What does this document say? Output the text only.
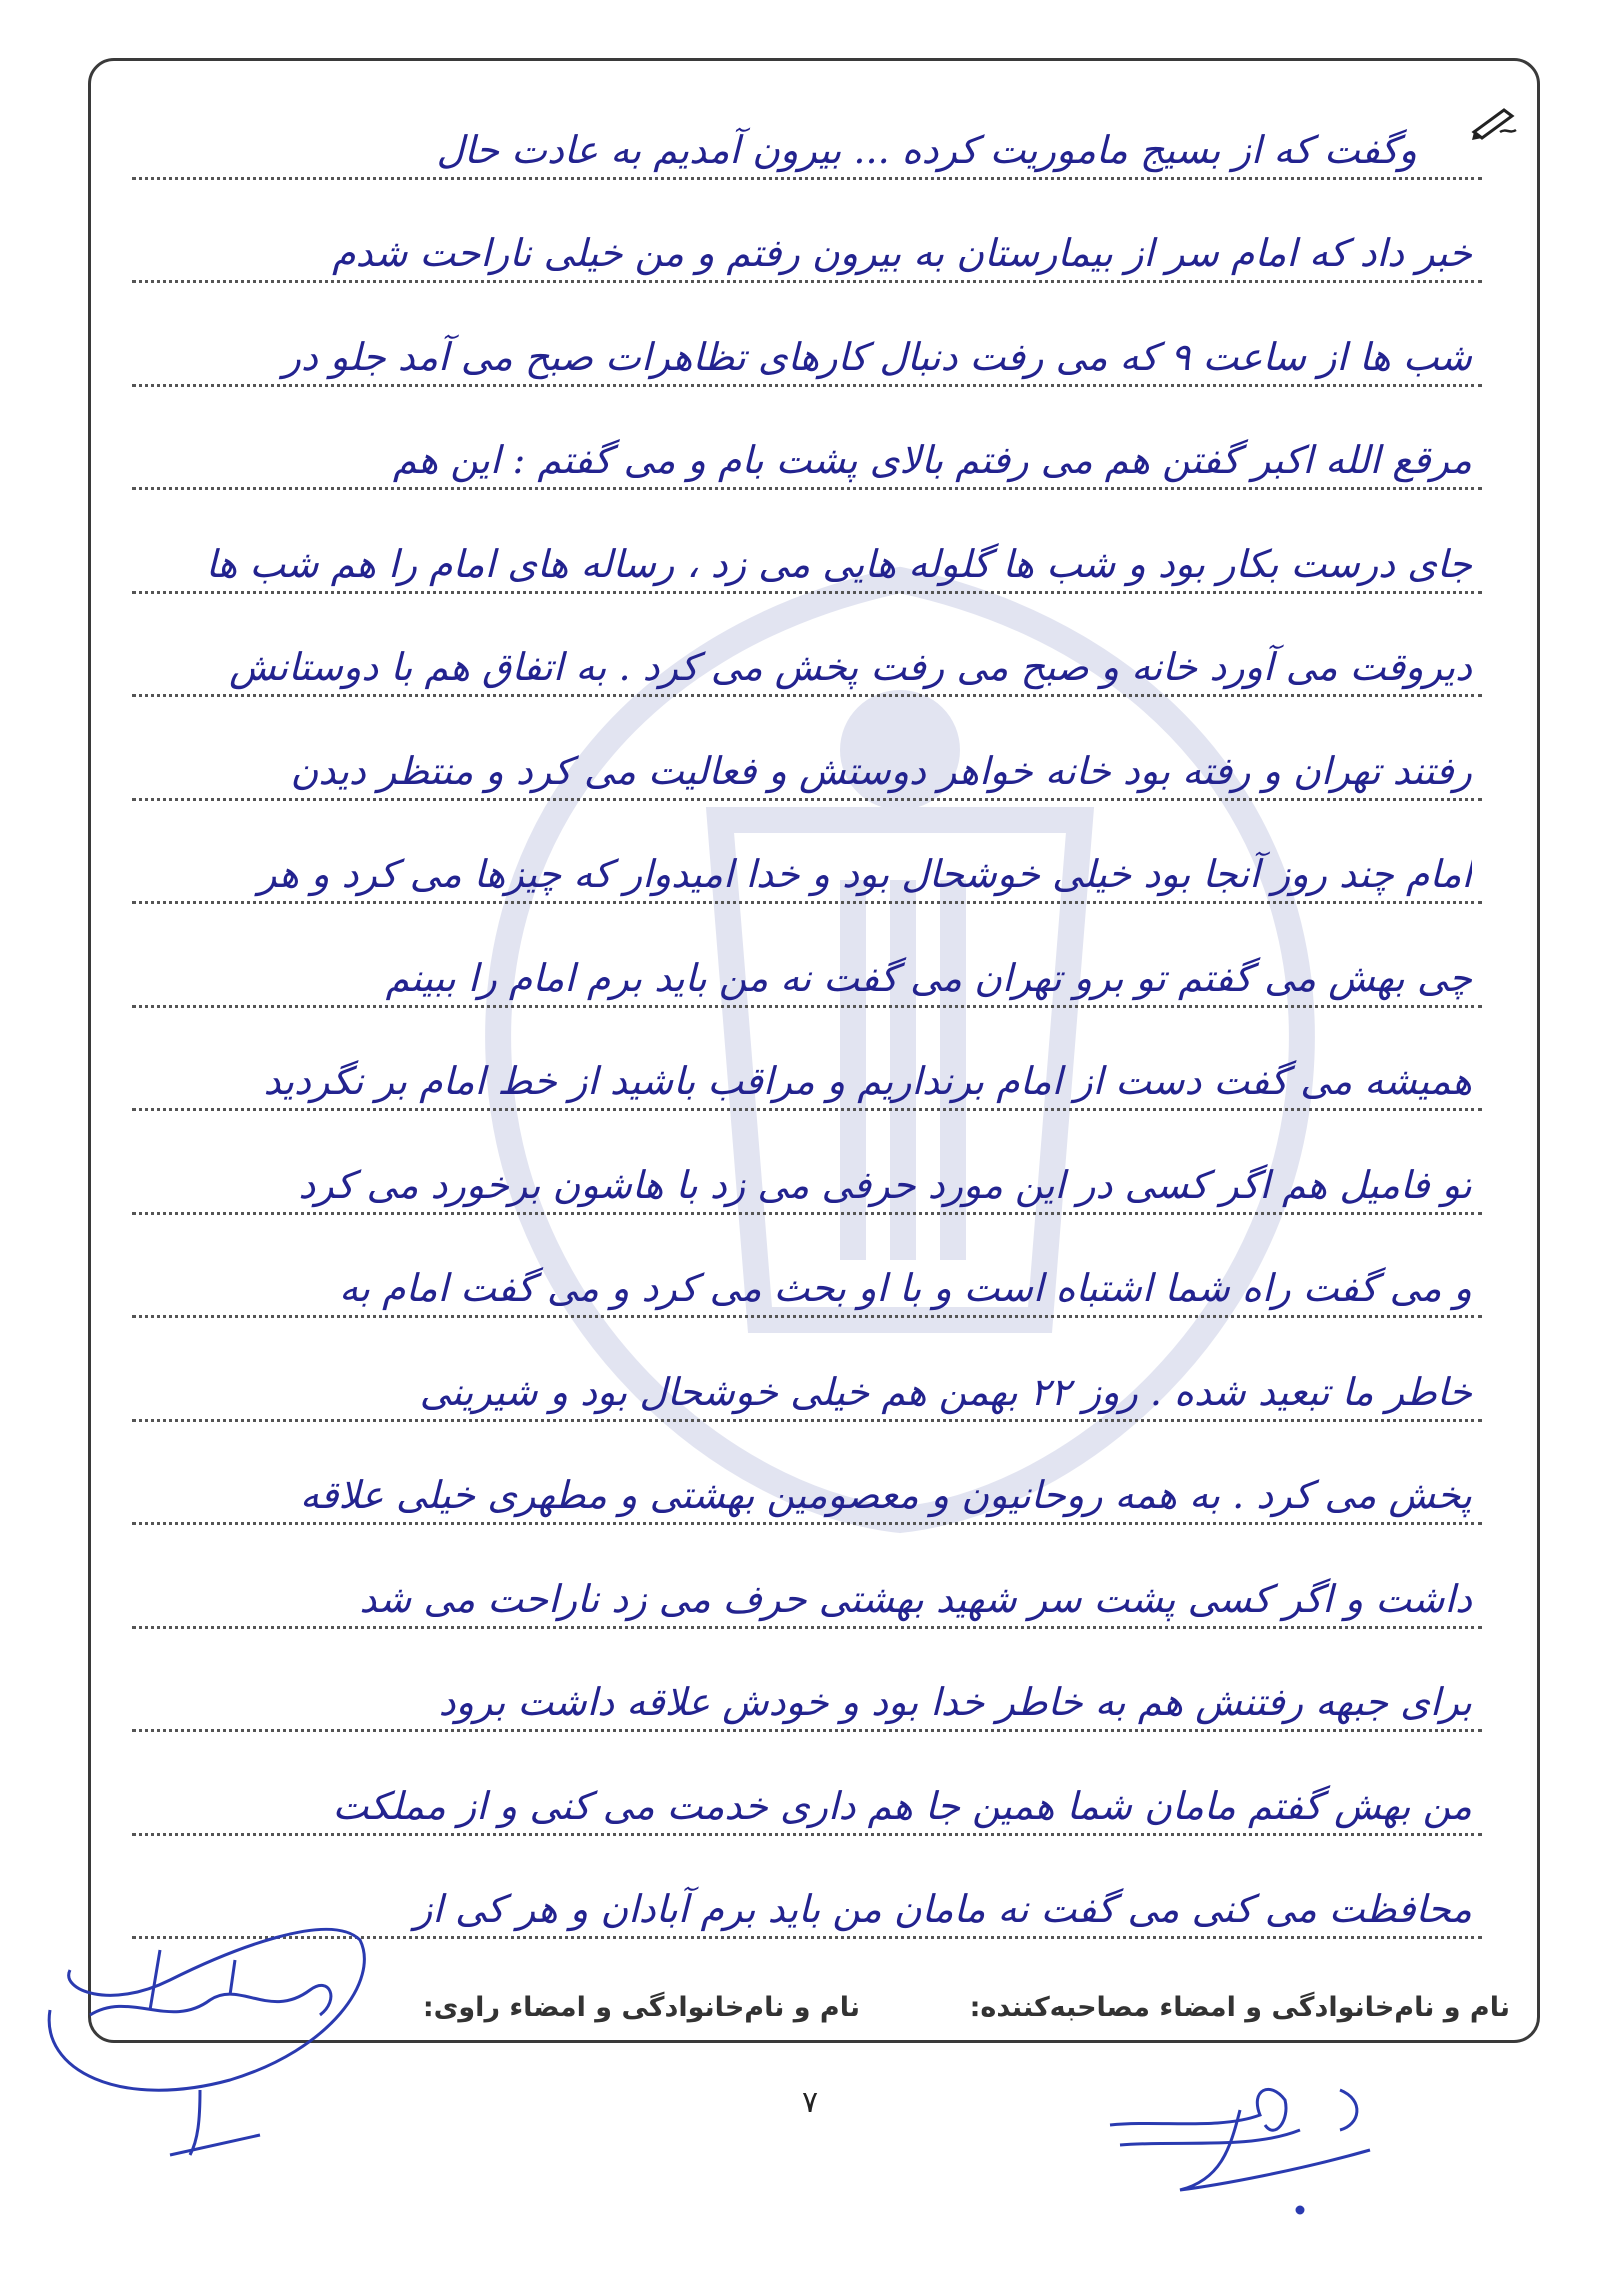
وگفت که از بسیج ماموریت کرده ... بیرون آمدیم به عادت حال
خبر داد که امام سر از بیمارستان به بیرون رفتم و من خیلی ناراحت شدم
شب ها از ساعت ۹ که می رفت دنبال کارهای تظاهرات صبح می آمد جلو در
مرقع الله اکبر گفتن هم می رفتم بالای پشت بام و می گفتم : این هم
جای درست بکار بود و شب ها گلوله هایی می زد ، رساله های امام را هم شب ها
دیروقت می آورد خانه و صبح می رفت پخش می کرد . به اتفاق هم با دوستانش
رفتند تهران و رفته بود خانه خواهر دوستش و فعالیت می کرد و منتظر دیدن
امام چند روز آنجا بود خیلی خوشحال بود و خدا امیدوار که چیزها می کرد و هر
چی بهش می گفتم تو برو تهران می گفت نه من باید برم امام را ببینم
همیشه می گفت دست از امام برنداریم و مراقب باشید از خط امام بر نگردید
تو فامیل هم اگر کسی در این مورد حرفی می زد با هاشون برخورد می کرد
و می گفت راه شما اشتباه است و با او بحث می کرد و می گفت امام به
خاطر ما تبعید شده . روز ۲۲ بهمن هم خیلی خوشحال بود و شیرینی
پخش می کرد . به همه روحانیون و معصومین بهشتی و مطهری خیلی علاقه
داشت و اگر کسی پشت سر شهید بهشتی حرف می زد ناراحت می شد
برای جبهه رفتنش هم به خاطر خدا بود و خودش علاقه داشت برود
من بهش گفتم مامان شما همین جا هم داری خدمت می کنی و از مملکت
محافظت می کنی می گفت نه مامان من باید برم آبادان و هر کی از
نام و نام‌خانوادگی و امضاء مصاحبه‌کننده:
نام و نام‌خانوادگی و امضاء راوی:
۷
